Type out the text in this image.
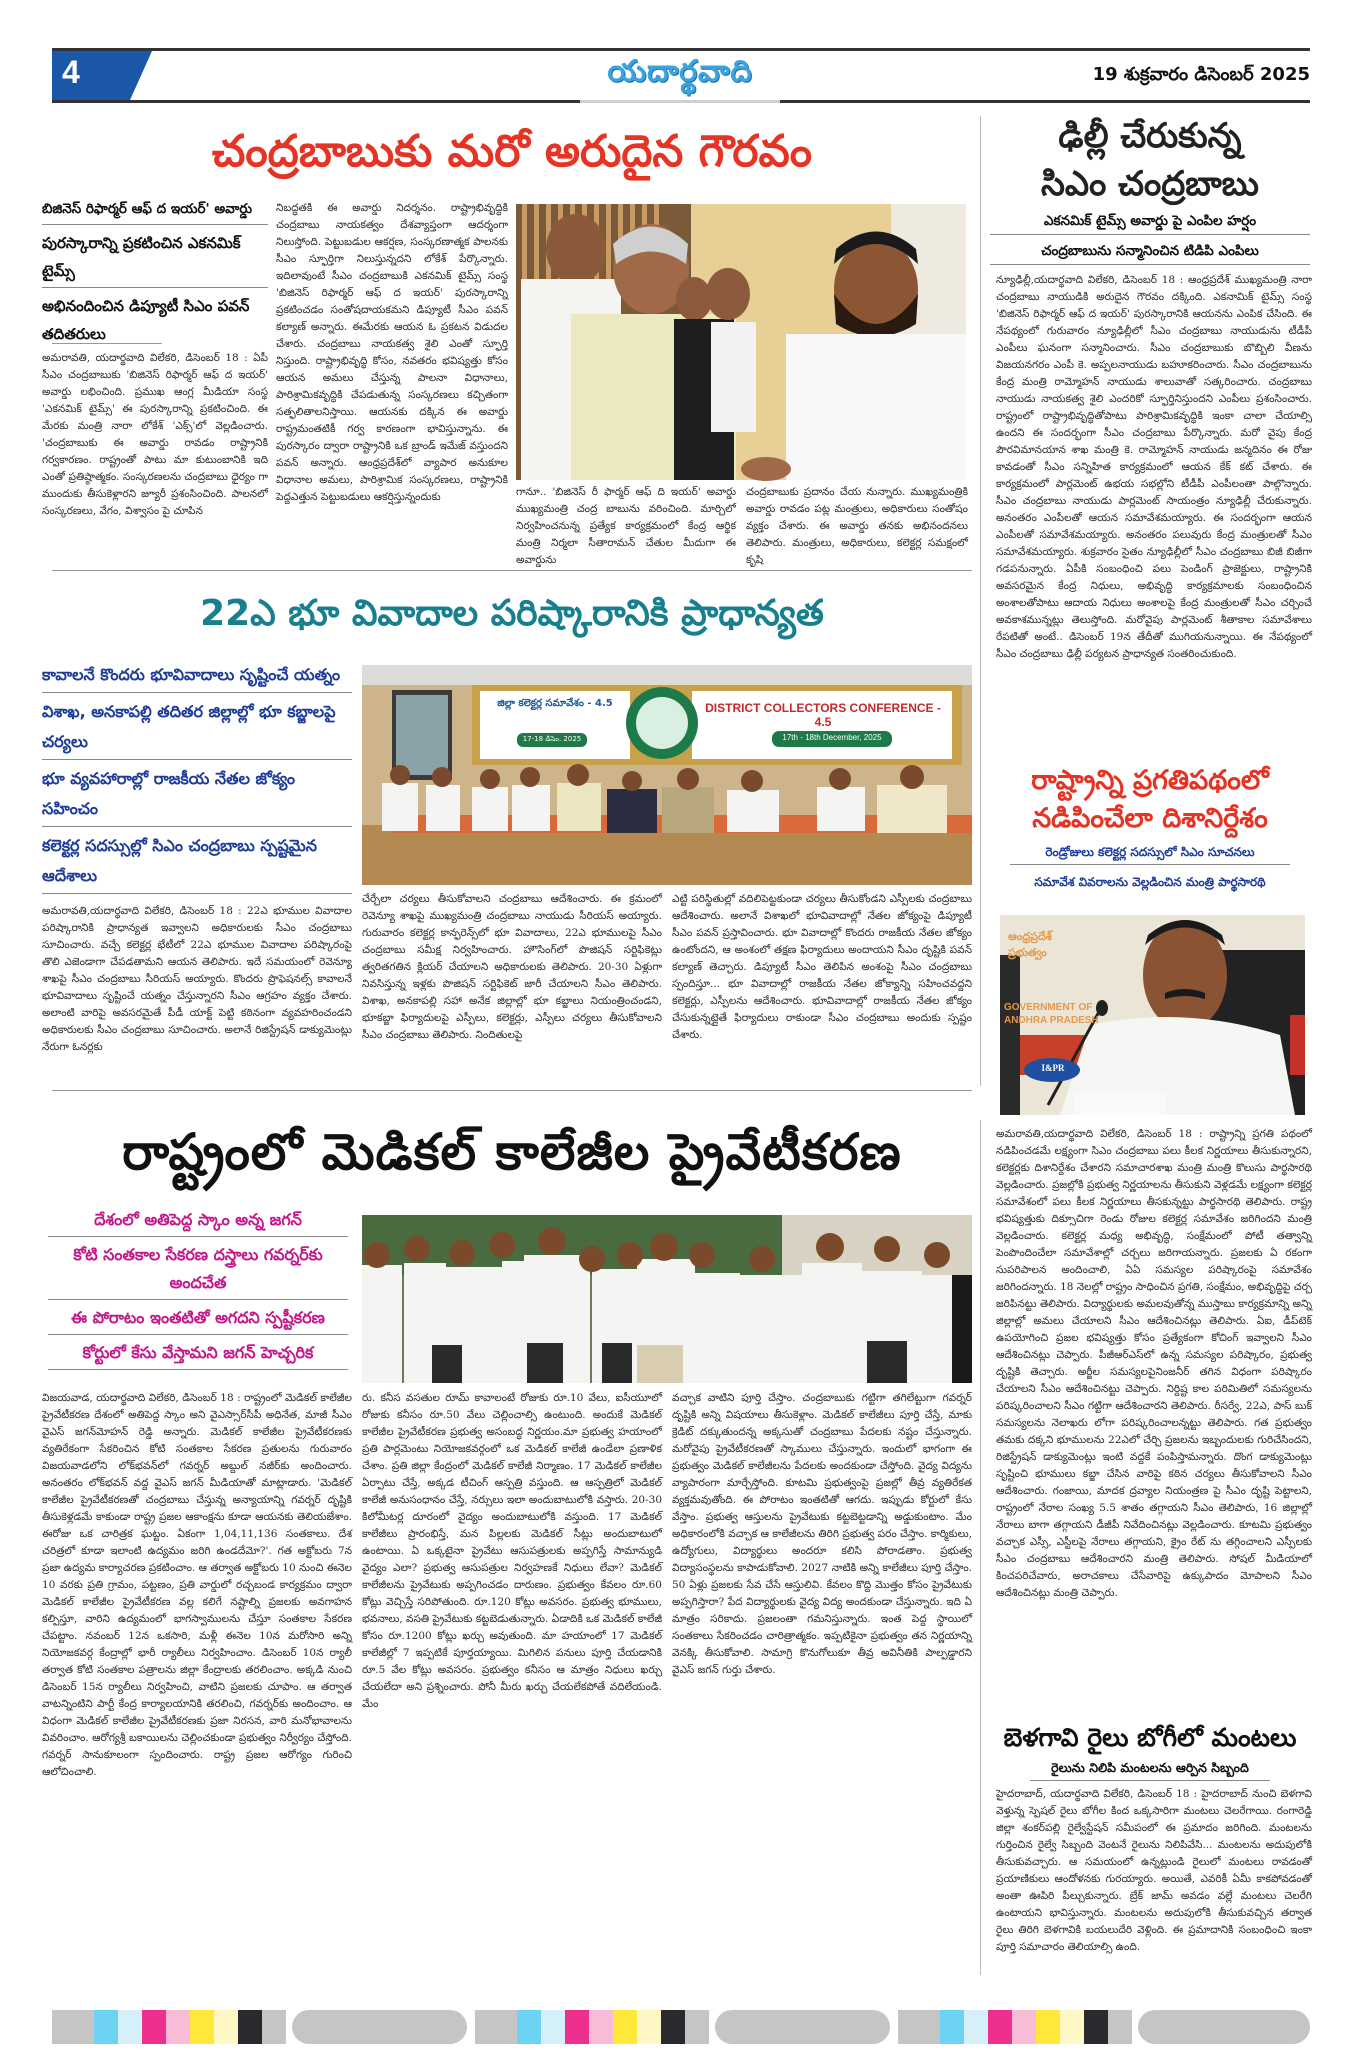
4	యదార్థవాది	19 శుక్రవారం డిసెంబర్ 2025
చంద్రబాబుకు మరో అరుదైన గౌరవం
బిజినెస్ రిఫార్మర్ ఆఫ్ ద ఇయర్' అవార్డు
పురస్కారాన్ని ప్రకటించిన ఎకనమిక్ టైమ్స్
అభినందించిన డిప్యూటీ సిఎం పవన్ తదితరులు
అమరావతి, యదార్థవాది విలేకరి, డిసెంబర్ 18 : ఏపీ సీఎం చంద్రబాబుకు 'బిజినెస్ రిఫార్మర్ ఆఫ్ ద ఇయర్' అవార్డు లభించింది. ప్రముఖ ఆంగ్ల మీడియా సంస్థ 'ఎకనమిక్ టైమ్స్' ఈ పురస్కారాన్ని ప్రకటించింది. ఈ మేరకు మంత్రి నారా లోకేశ్ 'ఎక్స్'లో వెల్లడించారు. 'చంద్రబాబుకు ఈ అవార్డు రావడం రాష్ట్రానికి గర్వకారణం. రాష్ట్రంతో పాటు మా కుటుంబానికి ఇది ఎంతో ప్రతిష్ఠాత్మకం. సంస్కరణలను చంద్రబాబు ధైర్యం గా ముందుకు తీసుకెళ్లారని జ్యూరీ ప్రశంసించింది. పాలనలో సంస్కరణలు, వేగం, విశ్వాసం పై చూపిన
నిబద్ధతకి ఈ అవార్డు నిదర్శనం. రాష్ట్రాభివృద్ధికి చంద్రబాబు నాయకత్వం దేశవ్యాప్తంగా ఆదర్శంగా నిలుస్తోంది. పెట్టుబడుల ఆకర్షణ, సంస్కరణాత్మక పాలనకు సీఎం స్ఫూర్తిగా నిలుస్తున్నదని లోకేశ్ పేర్కొన్నారు. ఇదిలావుంటే సీఎం చంద్రబాబుకి ఎకనమిక్ టైమ్స్ సంస్థ 'బిజినెస్ రిఫార్మర్ ఆఫ్ ద ఇయర్' పురస్కారాన్ని ప్రకటించడం సంతోషదాయకమని డిప్యూటీ సీఎం పవన్ కల్యాణ్ అన్నారు. ఈమేరకు ఆయన ఓ ప్రకటన విడుదల చేశారు. చంద్రబాబు నాయకత్వ శైలి ఎంతో స్ఫూర్తి నిస్తుంది. రాష్ట్రాభివృద్ధి కోసం, నవతరం భవిష్యత్తు కోసం ఆయన అమలు చేస్తున్న పాలనా విధానాలు, పారిశ్రామికవృద్ధికి చేపడుతున్న సంస్కరణలు కచ్చితంగా సత్ఫలితాలనిస్తాయి. ఆయనకు దక్కిన ఈ అవార్డు రాష్ట్రమంతటికీ గర్వ కారణంగా భావిస్తున్నాను. ఈ పురస్కారం ద్వారా రాష్ట్రానికి ఒక బ్రాండ్ ఇమేజ్ వస్తుందని పవన్ అన్నారు. ఆంధ్రప్రదేశ్‌లో వ్యాపార అనుకూల విధానాల అమలు, పారిశ్రామిక సంస్కరణలు, రాష్ట్రానికి పెద్దఎత్తున పెట్టుబడులు ఆకర్షిస్తున్నందుకు	గానూ.. 'బిజినెస్ రీ ఫార్మర్ ఆఫ్ ది ఇయర్' అవార్డు ముఖ్యమంత్రి చంద్ర బాబును వరించింది. మార్చిలో నిర్వహించనున్న ప్రత్యేక కార్యక్రమంలో కేంద్ర ఆర్థిక మంత్రి నిర్మలా సీతారామన్ చేతుల మీదుగా ఈ అవార్డును
చంద్రబాబుకు ప్రదానం చేయ నున్నారు. ముఖ్యమంత్రికి అవార్డు రావడం పట్ల మంత్రులు, అధికారులు సంతోషం వ్యక్తం చేశారు. ఈ అవార్డు తనకు అభినందనలు తెలిపారు. మంత్రులు, అధికారులు, కలెక్టర్ల సమక్షంలో కృషి
ఢిల్లీ చేరుకున్న
సిఎం చంద్రబాబు
ఎకనమిక్ టైమ్స్ అవార్డు పై ఎంపిల హర్షం
చంద్రబాబును సన్మానించిన టిడిపి ఎంపిలు
న్యూఢిల్లీ,యదార్థవాది విలేకరి, డిసెంబర్ 18 : ఆంధ్రప్రదేశ్ ముఖ్యమంత్రి నారా చంద్రబాబు నాయుడికి అరుదైన గౌరవం దక్కింది. ఎకనామిక్ టైమ్స్ సంస్థ 'బిజినెస్ రిఫార్మర్ ఆఫ్ ద ఇయర్' పురస్కారానికి ఆయనను ఎంపిక చేసింది. ఈ నేపథ్యంలో గురువారం న్యూఢిల్లీలో సీఎం చంద్రబాబు నాయుడును టీడీపీ ఎంపీలు ఘనంగా సన్మానించారు. సీఎం చంద్రబాబుకు బొబ్బిలి వీణను విజయనగరం ఎంపీ కె. అప్పలనాయుడు బహూకరించారు. సీఎం చంద్రబాబును కేంద్ర మంత్రి రామ్మోహన్ నాయుడు శాలువాతో సత్కరించారు. చంద్రబాబు నాయుడు నాయకత్వ శైలి ఎందరికో స్ఫూర్తినిస్తుందని ఎంపీలు ప్రశంసించారు. రాష్ట్రంలో రాష్ట్రాభివృద్ధితోపాటు పారిశ్రామికవృద్ధికి ఇంకా చాలా చేయాల్సి ఉందని ఈ సందర్భంగా సీఎం చంద్రబాబు పేర్కొన్నారు. మరో వైపు కేంద్ర పౌరవిమానయాన శాఖ మంత్రి కె. రామ్మోహన్ నాయుడు జన్మదినం ఈ రోజు కావడంతో సీఎం సన్నిహిత కార్యక్రమంలో ఆయన కేక్ కట్ చేశారు. ఈ కార్యక్రమంలో పార్లమెంట్ ఉభయ సభల్లోని టీడీపీ ఎంపీలంతా పాల్గొన్నారు. సీఎం చంద్రబాబు నాయుడు పార్లమెంట్ సాయంత్రం న్యూఢిల్లీ చేరుకున్నారు. అనంతరం ఎంపీలతో ఆయన సమావేశమయ్యారు. ఈ సందర్భంగా ఆయన ఎంపీలతో సమావేశమయ్యారు. అనంతరం పలువురు కేంద్ర మంత్రులతో సీఎం సమావేశమయ్యారు. శుక్రవారం సైతం న్యూఢిల్లీలో సీఎం చంద్రబాబు బిజీ బిజీగా గడపనున్నారు. ఏపీకి సంబంధించి పలు పెండింగ్ ప్రాజెక్టులు, రాష్ట్రానికి అవసరమైన కేంద్ర నిధులు, అభివృద్ధి కార్యక్రమాలకు సంబంధించిన అంశాలతోపాటు ఆదాయ నిధులు అంశాలపై కేంద్ర మంత్రులతో సీఎం చర్చించే అవకాశమున్నట్లు తెలుస్తోంది. మరోవైపు పార్లమెంట్ శీతాకాల సమావేశాలు రేపటితో అంటే.. డిసెంబర్ 19న తేదీతో ముగియనున్నాయి. ఈ నేపథ్యంలో సీఎం చంద్రబాబు ఢిల్లీ పర్యటన ప్రాధాన్యత సంతరించుకుంది.
22ఎ భూ వివాదాల పరిష్కారానికి ప్రాధాన్యత
కావాలనే కొందరు భూవివాదాలు సృష్టించే యత్నం
విశాఖ, అనకాపల్లి తదితర జిల్లాల్లో భూ కబ్జాలపై చర్యలు
భూ వ్యవహారాల్లో రాజకీయ నేతల జోక్యం సహించం
కలెక్టర్ల సదస్సుల్లో సిఎం చంద్రబాబు స్పష్టమైన ఆదేశాలు
జిల్లా కలెక్టర్ల సమావేశం - 4.5
17-18 డిసెం. 2025
DISTRICT COLLECTORS CONFERENCE - 4.5
17th - 18th December, 2025
అమరావతి,యదార్థవాది విలేకరి, డిసెంబర్ 18 : 22ఎ భూముల వివాదాల పరిష్కారానికి ప్రాధాన్యత ఇవ్వాలని అధికారులకు సీఎం చంద్రబాబు సూచించారు. వచ్చే కలెక్టర్ల భేటీలో 22ఎ భూముల వివాదాల పరిష్కారంపై తొలి ఎజెండాగా చేపడతామని ఆయన తెలిపారు. ఇదే సమయంలో రెవెన్యూ శాఖపై సీఎం చంద్రబాబు సీరియస్ అయ్యారు. కొందరు ప్రొఫెషనల్స్ కావాలనే భూవివాదాలు సృష్టించే యత్నం చేస్తున్నారని సీఎం ఆగ్రహం వ్యక్తం చేశారు. అలాంటి వారిపై అవసరమైతే పీడీ యాక్ట్ పెట్టి కఠినంగా వ్యవహరించండని అధికారులకు సీఎం చంద్రబాబు సూచించారు. అలానే రిజిస్ట్రేషన్ డాక్యుమెంట్లు నేరుగా ఓనర్లకు
చేర్చేలా చర్యలు తీసుకోవాలని చంద్రబాబు ఆదేశించారు. ఈ క్రమంలో రెవెన్యూ శాఖపై ముఖ్యమంత్రి చంద్రబాబు నాయుడు సీరియస్ అయ్యారు. గురువారం కలెక్టర్ల కాన్ఫరెన్స్‌లో భూ వివాదాలు, 22ఎ భూములపై సీఎం చంద్రబాబు సమీక్ష నిర్వహించారు. హౌసింగ్‌లో పొజిషన్ సర్టిఫికెట్లు త్వరితగతిన క్లియర్ చేయాలని అధికారులకు తెలిపారు. 20-30 ఏళ్లుగా నివసిస్తున్న ఇళ్లకు పొజిషన్ సర్టిఫికెట్ జారీ చేయాలని సీఎం తెలిపారు. విశాఖ, అనకాపల్లి సహా అనేక జిల్లాల్లో భూ కబ్జాలు నియంత్రించండని, భూకబ్జా ఫిర్యాదులపై ఎస్పీలు, కలెక్టర్లు, ఎస్పీలు చర్యలు తీసుకోవాలని సీఎం చంద్రబాబు తెలిపారు. నిందితులపై
ఎట్టి పరిస్థితుల్లో వదిలిపెట్టకుండా చర్యలు తీసుకోండని ఎస్పీలకు చంద్రబాబు ఆదేశించారు. అలానే విశాఖలో భూవివాదాల్లో నేతల జోక్యంపై డిప్యూటీ సీఎం పవన్ ప్రస్తావించారు. భూ వివాదాల్లో కొందరు రాజకీయ నేతల జోక్యం ఉంటోందని, ఆ అంశంలో తక్షణ ఫిర్యాదులు అందాయని సీఎం దృష్టికి పవన్ కల్యాణ్ తెచ్చారు. డిప్యూటీ సీఎం తెలిపిన అంశంపై సీఎం చంద్రబాబు స్పందిస్తూ... భూ వివాదాల్లో రాజకీయ నేతల జోక్యాన్ని సహించవద్దని కలెక్టర్లు, ఎస్పీలను ఆదేశించారు. భూవివాదాల్లో రాజకీయ నేతల జోక్యం చేసుకున్నట్లైతే ఫిర్యాదులు రాకుండా సీఎం చంద్రబాబు అందుకు స్పష్టం చేశారు.
రాష్ట్రాన్ని ప్రగతిపథంలో
నడిపించేలా దిశానిర్దేశం
రెండ్రోజులు కలెక్టర్ల సదస్సులో సిఎం సూచనలు
సమావేశ వివరాలను వెల్లడించిన మంత్రి పార్థసారథి
ఆంధ్రప్రదేశ్ ప్రభుత్వం
GOVERNMENT OF ANDHRA PRADESH
I&PR
అమరావతి,యదార్థవాది విలేకరి, డిసెంబర్ 18 : రాష్ట్రాన్ని ప్రగతి పథంలో నడిపించడమే లక్ష్యంగా సిఎం చంద్రబాబు పలు కీలక నిర్ణయాలు తీసుకున్నారని, కలెక్టర్లకు దిశానిర్దేశం చేశారని సమాచారశాఖ మంత్రి మంత్రి కొలుసు పార్థసారథి వెల్లడించారు. ప్రజల్లోకి ప్రభుత్వ నిర్ణయాలను తీసుకుని వెళ్లడమే లక్ష్యంగా కలెక్టర్ల సమావేశంలో పలు కీలక నిర్ణయాలు తీసకున్నట్టు పార్థసారథి తెలిపారు. రాష్ట్ర భవిష్యత్తుకు దిక్సూచిగా రెండు రోజుల కలెక్టర్ల సమావేశం జరిగిందని మంత్రి వెల్లడించారు. కలెక్టర్ల మధ్య అభివృద్ధి, సంక్షేమంలో పోటీ తత్వాన్ని పెంపొందించేలా సమావేశాల్లో చర్చలు జరిగాయన్నారు. ప్రజలకు ఏ రకంగా సుపరిపాలన అందించాలి, ఏఏ సమస్యల పరిష్కారంపై సమావేశం జరిగిందన్నారు. 18 నెలల్లో రాష్ట్రం సాధించిన ప్రగతి, సంక్షేమం, అభివృద్ధిపై చర్చ జరిపినట్టు తెలిపారు. విద్యార్థులకు అమలవుతోన్న ముస్తాబు కార్యక్రమాన్ని అన్ని జిల్లాల్లో అమలు చేయాలని సీఎం ఆదేశించినట్లు తెలిపారు. ఏఐ, డీప్‌టెక్ ఉపయోగించి ప్రజల భవిష్యత్తు కోసం ప్రత్యేకంగా కోచింగ్ ఇవ్వాలని సీఎం ఆదేశించినట్లు చెప్పారు. పీజీఆర్ఎస్‌లో ఉన్న సమస్యల పరిష్కారం, ప్రభుత్వ దృష్టికి తెచ్చారు. అర్జీల సమస్యలపైనింజనీర్ తగిన విధంగా పరిష్కారం చేయాలని సీఎం ఆదేశించినట్టు చెప్పారు. నిర్దిష్ట కాల పరిమితిలో సమస్యలను పరిష్కరించాలని సీఎం గట్టిగా ఆదేశించారని తెలిపారు. రీసర్వే, 22ఎ, పాస్ బుక్ సమస్యలను నెలాఖరు లోగా పరిష్కరించాలన్నట్టు తెలిపారు. గత ప్రభుత్వం తమకు దక్కని భూములను 22ఎలో చేర్చి ప్రజలను ఇబ్బందులకు గురిచేసిందని, రిజిస్ట్రేషన్ డాక్యుమెంట్లు ఇంటి వద్దకే పంపిస్తామన్నారు. దొంగ డాక్యుమెంట్లు సృష్టించి భూములు కబ్జా చేసిన వారిపై కఠిన చర్యలు తీసుకోవాలని సీఎం ఆదేశించారు. గంజాయి, మాదక ద్రవ్యాల నియంత్రణ పై సీఎం దృష్టి పెట్టాలని, రాష్ట్రంలో నేరాల సంఖ్య 5.5 శాతం తగ్గాయని సీఎం తెలిపారు, 16 జిల్లాల్లో నేరాలు బాగా తగ్గాయని డీజీపీ నివేదించినట్లు వెల్లడించారు. కూటమి ప్రభుత్వం వచ్చాక ఎస్సీ, ఎస్టీలపై నేరాలు తగ్గాయని, క్రైం రేట్ ను తగ్గించాలని ఎస్పీలకు సీఎం చంద్రబాబు ఆదేశించారని మంత్రి తెలిపారు. సోషల్ మీడియాలో కించపరిచేవారు, అరాచకాలు చేసేవారిపై ఉక్కుపాదం మోపాలని సీఎం ఆదేశించినట్లు మంత్రి చెప్పారు.
రాష్ట్రంలో మెడికల్ కాలేజీల ప్రైవేటీకరణ
దేశంలో అతిపెద్ద స్కాం అన్న జగన్
కోటి సంతకాల సేకరణ దస్త్రాలు గవర్నర్‌కు అందచేత
ఈ పోరాటం ఇంతటితో అగదని స్పష్టీకరణ
కోర్టులో కేసు వేస్తామని జగన్ హెచ్చరిక
విజయవాడ, యదార్థవాది విలేకరి, డిసెంబర్ 18 : రాష్ట్రంలో మెడికల్ కాలేజీల ప్రైవేటీకరణ దేశంలో అతిపెద్ద స్కాం అని వైఎస్సార్‌సీపీ అధినేత, మాజీ సీఎం వైఎస్ జగన్‌మోహన్ రెడ్డి అన్నారు. మెడికల్ కాలేజీల ప్రైవేటీకరణకు వ్యతిరేకంగా సేకరించిన కోటి సంతకాల సేకరణ ప్రతులను గురువారం విజయవాడలోని లోక్‌భవన్‌లో గవర్నర్ అబ్దుల్ నజీర్‌కు అందించారు. అనంతరం లోక్‌భవన్ వద్ద వైఎస్ జగన్ మీడియాతో మాట్లాడారు. 'మెడికల్ కాలేజీల ప్రైవేటీకరణతో చంద్రబాబు చేస్తున్న అన్యాయాన్ని గవర్నర్ దృష్టికి తీసుకెళ్లడమే కాకుండా రాష్ట్ర ప్రజల ఆకాంక్షను కూడా ఆయనకు తెలియజేశాం. ఈరోజు ఒక చారిత్రక ఘట్టం. ఏకంగా 1,04,11,136 సంతకాలు. దేశ చరిత్రలో కూడా ఇలాంటి ఉద్యమం జరిగి ఉండదేమో?'. గత అక్టోబరు 7న ప్రజా ఉద్యమ కార్యాచరణ ప్రకటించాం. ఆ తర్వాత అక్టోబరు 10 నుంచి ఈనెల 10 వరకు ప్రతి గ్రామం, పట్టణం, ప్రతి వార్డులో రచ్చబండ కార్యక్రమం ద్వారా మెడికల్ కాలేజీల ప్రైవేటీకరణ వల్ల కలిగే నష్టాల్ని ప్రజలకు అవగాహన కల్పిస్తూ, వారిని ఉద్యమంలో భాగస్వాములను చేస్తూ సంతకాల సేకరణ చేపట్టాం. నవంబర్ 12న ఒకసారి, మళ్లీ ఈనెల 10న మరోసారి అన్ని నియోజకవర్గ కేంద్రాల్లో భారీ ర్యాలీలు నిర్వహించాం. డిసెంబర్ 10న ర్యాలీ తర్వాత కోటి సంతకాల పత్రాలను జిల్లా కేంద్రాలకు తరలించాం. అక్కడి నుంచి డిసెంబర్ 15న ర్యాలీలు నిర్వహించి, వాటిని ప్రజలకు చూపాం. ఆ తర్వాత వాటన్నింటిని పార్టీ కేంద్ర కార్యాలయానికి తరలించి, గవర్నర్‌కు అందించాం. ఆ విధంగా మెడికల్ కాలేజీల ప్రైవేటీకరణకు ప్రజా నిరసన, వారి మనోభావాలను వివరించాం. ఆరోగ్యశ్రీ బకాయిలను చెల్లించకుండా ప్రభుత్వం నిర్వీర్యం చేస్తోంది. గవర్నర్ సానుకూలంగా స్పందించారు. రాష్ట్ర ప్రజల ఆరోగ్యం గురించి ఆలోచించాలి.
రు. కనీస వసతుల రూమ్ కావాలంటే రోజుకు రూ.10 వేలు, ఐసీయూలో రోజుకు కనీసం రూ.50 వేలు చెల్లించాల్సి ఉంటుంది. అందుకే మెడికల్ కాలేజీల ప్రైవేటీకరణ ప్రభుత్వ అసంబద్ధ నిర్ణయం.మా ప్రభుత్వ హయాంలో ప్రతి పార్లమెంటు నియోజకవర్గంలో ఒక మెడికల్ కాలేజీ ఉండేలా ప్రణాళిక చేశాం. ప్రతి జిల్లా కేంద్రంలో మెడికల్ కాలేజీ నిర్మాణం. 17 మెడికల్ కాలేజీల ఏర్పాటు చేస్తే, అక్కడ టీచింగ్ ఆస్పత్రి వస్తుంది. ఆ ఆస్పత్రిలో మెడికల్ కాలేజీ అనుసంధానం చేస్తే, నర్సులు ఇలా అందుబాటులోకి వస్తారు. 20-30 కిలోమీటర్ల దూరంలో వైద్యం అందుబాటులోకి వస్తుంది. 17 మెడికల్ కాలేజీలు ప్రారంభిస్తే, మన పిల్లలకు మెడికల్ సీట్లు అందుబాటులో ఉంటాయి. ఏ ఒక్కటైనా ప్రైవేటు ఆసుపత్రులకు అప్పగిస్తే సామాన్యుడి వైద్యం ఎలా? ప్రభుత్వ ఆసుపత్రుల నిర్వహణకే నిధులు లేవా? మెడికల్ కాలేజీలను ప్రైవేటుకు అప్పగించడం దారుణం. ప్రభుత్వం కేవలం రూ.60 కోట్లు వెచ్చిస్తే సరిపోతుంది. రూ.120 కోట్లు అవసరం. ప్రభుత్వ భూములు, భవనాలు, వసతి ప్రైవేటుకు కట్టబెడుతున్నారు. ఏడాదికి ఒక మెడికల్ కాలేజీ కోసం రూ.1200 కోట్లు ఖర్చు అవుతుంది. మా హయాంలో 17 మెడికల్ కాలేజీల్లో 7 ఇప్పటికే పూర్తయ్యాయి. మిగిలిన పనులు పూర్తి చేయడానికి రూ.5 వేల కోట్లు అవసరం. ప్రభుత్వం కనీసం ఆ మాత్రం నిధులు ఖర్చు చేయలేదా అని ప్రశ్నించారు. పోనీ మీరు ఖర్చు చేయలేకపోతే వదిలేయండి. మేం
వచ్చాక వాటిని పూర్తి చేస్తాం. చంద్రబాబుకు గట్టిగా తగిలేట్టుగా గవర్నర్ దృష్టికి అన్ని విషయాలు తీసుకెళ్లాం. మెడికల్ కాలేజీలు పూర్తి చేస్తే, మాకు క్రెడిట్ దక్కుతుందన్న అక్కసుతో చంద్రబాబు పేదలకు నష్టం చేస్తున్నారు. మరోవైపు ప్రైవేటీకరణతో స్కాములు చేస్తున్నారు. ఇందులో భాగంగా ఈ ప్రభుత్వం మెడికల్ కాలేజీలను పేదలకు అందకుండా చేస్తోంది. వైద్య విద్యను వ్యాపారంగా మార్చేస్తోంది. కూటమి ప్రభుత్వంపై ప్రజల్లో తీవ్ర వ్యతిరేకత వ్యక్తమవుతోంది. ఈ పోరాటం ఇంతటితో ఆగదు. ఇప్పుడు కోర్టులో కేసు వేస్తాం. ప్రభుత్వ ఆస్తులను ప్రైవేటుకు కట్టబెట్టడాన్ని అడ్డుకుంటాం. మేం అధికారంలోకి వచ్చాక ఆ కాలేజీలను తిరిగి ప్రభుత్వ పరం చేస్తాం. కార్మికులు, ఉద్యోగులు, విద్యార్థులు అందరూ కలిసి పోరాడతాం. ప్రభుత్వ విద్యాసంస్థలను కాపాడుకోవాలి. 2027 నాటికి అన్ని కాలేజీలు పూర్తి చేస్తాం. 50 ఏళ్లు ప్రజలకు సేవ చేసే ఆస్తులివి. కేవలం కొద్ది మొత్తం కోసం ప్రైవేటుకు అప్పగిస్తారా? పేద విద్యార్థులకు వైద్య విద్య అందకుండా చేస్తున్నారు. ఇది ఏ మాత్రం సరికాదు. ప్రజలంతా గమనిస్తున్నారు. ఇంత పెద్ద స్థాయిలో సంతకాలు సేకరించడం చారిత్రాత్మకం. ఇప్పటికైనా ప్రభుత్వం తన నిర్ణయాన్ని వెనక్కి తీసుకోవాలి. సామాగ్రి కొనుగోలుకూ తీవ్ర అవినీతికి పాల్పడ్డారని వైఎస్ జగన్ గుర్తు చేశారు.
బెళగావి రైలు బోగీలో మంటలు
రైలును నిలిపి మంటలను ఆర్పిన సిబ్బంది
హైదరాబాద్, యదార్థవాది విలేకరి, డిసెంబర్ 18 : హైదరాబాద్ నుంచి బెళగావి వెళ్తున్న స్పెషల్ రైలు బోగీల కింద ఒక్కసారిగా మంటలు చెలరేగాయి. రంగారెడ్డి జిల్లా శంకర్‌పల్లి రైల్వేస్టేషన్ సమీపంలో ఈ ప్రమాదం జరిగింది. మంటలను గుర్తించిన రైల్వే సిబ్బంది వెంటనే రైలును నిలిపివేసి... మంటలను అదుపులోకి తీసుకువచ్చారు. ఆ సమయంలో ఉన్నట్లుండి రైలులో మంటలు రావడంతో ప్రయాణికులు ఆందోళనకు గురయ్యారు. అయితే, ఎవరికీ ఏమీ కాకపోవడంతో అంతా ఊపిరి పీల్చుకున్నారు. బ్రేక్ జామ్ అవడం వల్లే మంటలు చెలరేగి ఉంటాయని భావిస్తున్నారు. మంటలను అదుపులోకి తీసుకువచ్చిన తర్వాత రైలు తిరిగి బెళగావికి బయలుదేరి వెళ్లింది. ఈ ప్రమాదానికి సంబంధించి ఇంకా పూర్తి సమాచారం తెలియాల్సి ఉంది.
